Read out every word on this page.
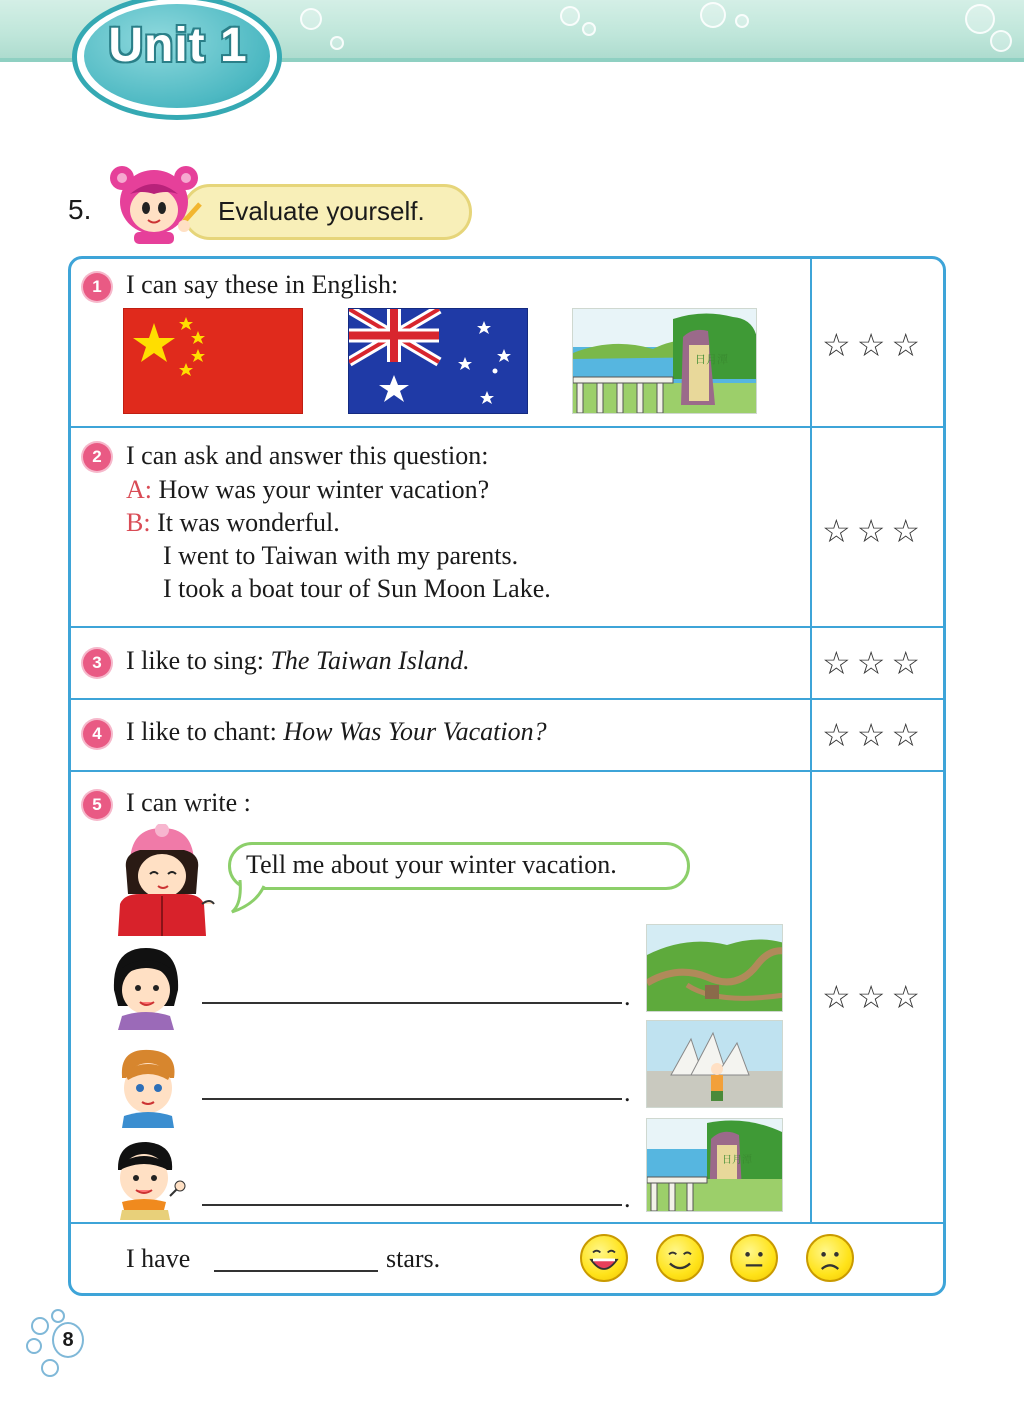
Unit 1
5.	Evaluate yourself.
1 I can say these in English:
日月潭	☆☆☆
2 I can ask and answer this question:
A: How was your winter vacation?
B: It was wonderful.
I went to Taiwan with my parents.
I took a boat tour of Sun Moon Lake.
☆☆☆
3 I like to sing: The Taiwan Island.	☆☆☆
4 I like to chant: How Was Your Vacation?	☆☆☆
5 I can write :
Tell me about your winter vacation.
.
.
.
日月潭
☆☆☆
I have	stars.
8
